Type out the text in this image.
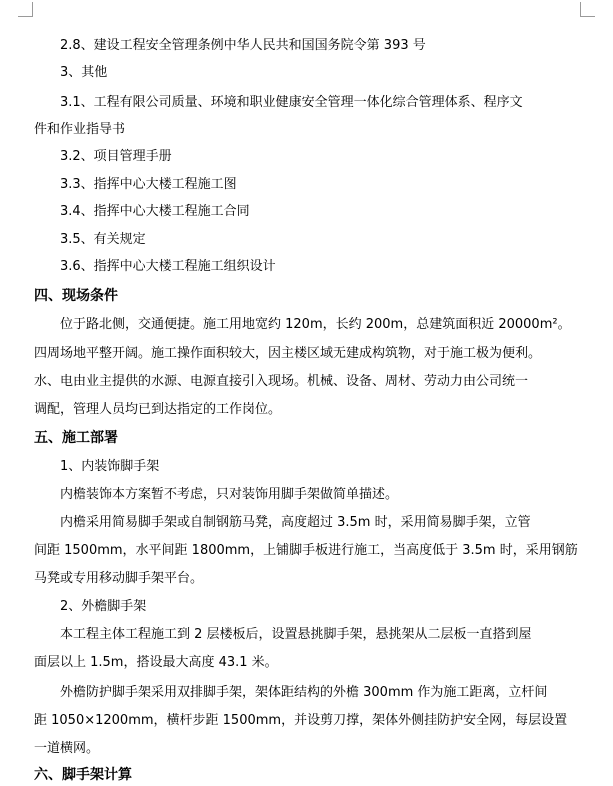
2.8、建设工程安全管理条例中华人民共和国国务院令第 393 号
3、其他
3.1、工程有限公司质量、环境和职业健康安全管理一体化综合管理体系、程序文
件和作业指导书
3.2、项目管理手册
3.3、指挥中心大楼工程施工图
3.4、指挥中心大楼工程施工合同
3.5、有关规定
3.6、指挥中心大楼工程施工组织设计
四、现场条件
位于路北侧，交通便捷。施工用地宽约 120m，长约 200m，总建筑面积近 20000m²。
四周场地平整开阔。施工操作面积较大，因主楼区域无建成构筑物，对于施工极为便利。
水、电由业主提供的水源、电源直接引入现场。机械、设备、周材、劳动力由公司统一
调配，管理人员均已到达指定的工作岗位。
五、施工部署
1、内装饰脚手架
内檐装饰本方案暂不考虑，只对装饰用脚手架做简单描述。
内檐采用简易脚手架或自制钢筋马凳，高度超过 3.5m 时，采用简易脚手架，立管
间距 1500mm，水平间距 1800mm，上铺脚手板进行施工，当高度低于 3.5m 时，采用钢筋
马凳或专用移动脚手架平台。
2、外檐脚手架
本工程主体工程施工到 2 层楼板后，设置悬挑脚手架，悬挑架从二层板一直搭到屋
面层以上 1.5m，搭设最大高度 43.1 米。
外檐防护脚手架采用双排脚手架，架体距结构的外檐 300mm 作为施工距离，立杆间
距 1050×1200mm，横杆步距 1500mm，并设剪刀撑，架体外侧挂防护安全网，每层设置
一道横网。
六、脚手架计算
